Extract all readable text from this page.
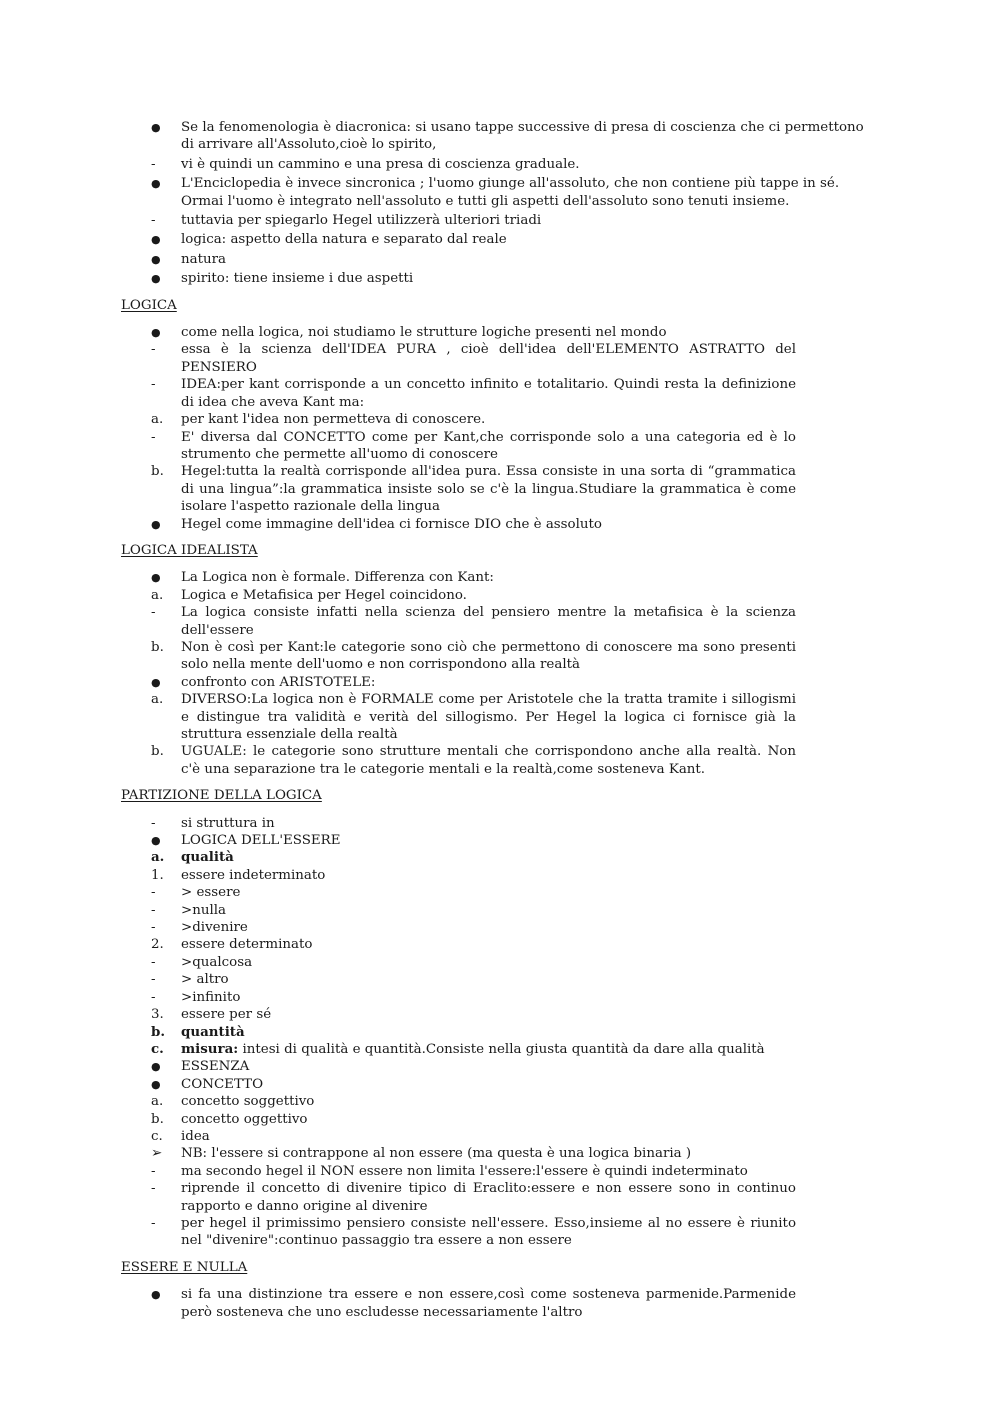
●	Se la fenomenologia è diacronica: si usano tappe successive di presa di coscienza che ci permettono di arrivare all'Assoluto,cioè lo spirito,
-	vi è quindi un cammino e una presa di coscienza graduale.
●	L'Enciclopedia è invece sincronica ; l'uomo giunge all'assoluto, che non contiene più tappe in sé. Ormai l'uomo è integrato nell'assoluto e tutti gli aspetti dell'assoluto sono tenuti insieme.
-	tuttavia per spiegarlo Hegel utilizzerà ulteriori triadi
●	logica: aspetto della natura e separato dal reale
●	natura
●	spirito: tiene insieme i due aspetti
LOGICA
●	come nella logica, noi studiamo le strutture logiche presenti nel mondo
-	essa è la scienza dell'IDEA PURA , cioè dell'idea dell'ELEMENTO ASTRATTO del PENSIERO
-	IDEA:per kant corrisponde a un concetto infinito e totalitario. Quindi resta la definizione di idea che aveva Kant ma:
a.	per kant l'idea non permetteva di conoscere.
-	E' diversa dal CONCETTO come per Kant,che corrisponde solo a una categoria ed è lo strumento che permette all'uomo di conoscere
b.	Hegel:tutta la realtà corrisponde all'idea pura. Essa consiste in una sorta di “grammatica di una lingua”:la grammatica insiste solo se c'è la lingua.Studiare la grammatica è come isolare l'aspetto razionale della lingua
●	Hegel come immagine dell'idea ci fornisce DIO che è assoluto
LOGICA IDEALISTA
●	La Logica non è formale. Differenza con Kant:
a.	Logica e Metafisica per Hegel coincidono.
-	La logica consiste infatti nella scienza del pensiero mentre la metafisica è la scienza dell'essere
b.	Non è così per Kant:le categorie sono ciò che permettono di conoscere ma sono presenti solo nella mente dell'uomo e non corrispondono alla realtà
●	confronto con ARISTOTELE:
a.	DIVERSO:La logica non è FORMALE come per Aristotele che la tratta tramite i sillogismi e distingue tra validità e verità del sillogismo. Per Hegel la logica ci fornisce già la struttura essenziale della realtà
b.	UGUALE: le categorie sono strutture mentali che corrispondono anche alla realtà. Non c'è una separazione tra le categorie mentali e la realtà,come sosteneva Kant.
PARTIZIONE DELLA LOGICA
-	si struttura in
●	LOGICA DELL'ESSERE
a.	qualità
1.	essere indeterminato
-	> essere
-	>nulla
-	>divenire
2.	essere determinato
-	>qualcosa
-	> altro
-	>infinito
3.	essere per sé
b.	quantità
c.	misura: intesi di qualità e quantità.Consiste nella giusta quantità da dare alla qualità
●	ESSENZA
●	CONCETTO
a.	concetto soggettivo
b.	concetto oggettivo
c.	idea
➢	NB: l'essere si contrappone al non essere (ma questa è una logica binaria )
-	ma secondo hegel il NON essere non limita l'essere:l'essere è quindi indeterminato
-	riprende il concetto di divenire tipico di Eraclito:essere e non essere sono in continuo rapporto e danno origine al divenire
-	per hegel il primissimo pensiero consiste nell'essere. Esso,insieme al no essere è riunito nel "divenire":continuo passaggio tra essere a non essere
ESSERE E NULLA
●	si fa una distinzione tra essere e non essere,così come sosteneva parmenide.Parmenide però sosteneva che uno escludesse necessariamente l'altro
